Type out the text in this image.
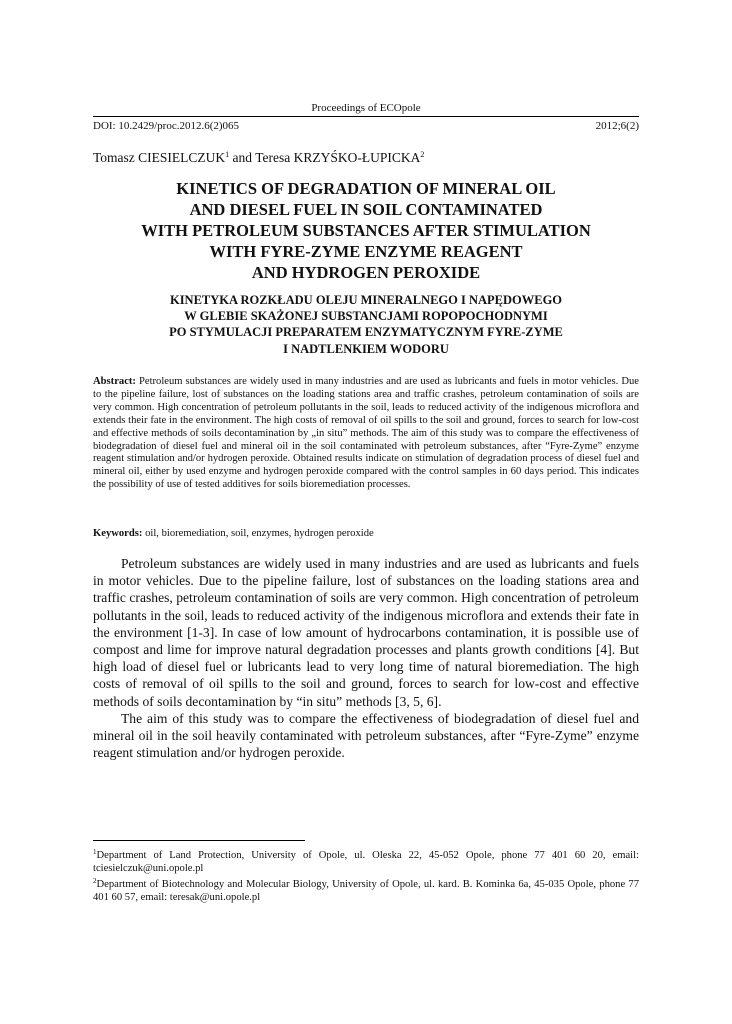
Proceedings of ECOpole
DOI: 10.2429/proc.2012.6(2)065	2012;6(2)
Tomasz CIESIELCZUK$^1$ and Teresa KRZYŚKO-ŁUPICKA$^2$
KINETICS OF DEGRADATION OF MINERAL OIL
AND DIESEL FUEL IN SOIL CONTAMINATED
WITH PETROLEUM SUBSTANCES AFTER STIMULATION
WITH FYRE-ZYME ENZYME REAGENT
AND HYDROGEN PEROXIDE
KINETYKA ROZKŁADU OLEJU MINERALNEGO I NAPĘDOWEGO
W GLEBIE SKAŻONEJ SUBSTANCJAMI ROPOPOCHODNYMI
PO STYMULACJI PREPARATEM ENZYMATYCZNYM FYRE-ZYME
I NADTLENKIEM WODORU
Abstract: Petroleum substances are widely used in many industries and are used as lubricants and fuels in motor vehicles. Due to the pipeline failure, lost of substances on the loading stations area and traffic crashes, petroleum contamination of soils are very common. High concentration of petroleum pollutants in the soil, leads to reduced activity of the indigenous microflora and extends their fate in the environment. The high costs of removal of oil spills to the soil and ground, forces to search for low-cost and effective methods of soils decontamination by „in situ” methods. The aim of this study was to compare the effectiveness of biodegradation of diesel fuel and mineral oil in the soil contaminated with petroleum substances, after “Fyre-Zyme” enzyme reagent stimulation and/or hydrogen peroxide. Obtained results indicate on stimulation of degradation process of diesel fuel and mineral oil, either by used enzyme and hydrogen peroxide compared with the control samples in 60 days period. This indicates the possibility of use of tested additives for soils bioremediation processes.
Keywords: oil, bioremediation, soil, enzymes, hydrogen peroxide

Petroleum substances are widely used in many industries and are used as lubricants and fuels in motor vehicles. Due to the pipeline failure, lost of substances on the loading stations area and traffic crashes, petroleum contamination of soils are very common. High concentration of petroleum pollutants in the soil, leads to reduced activity of the indigenous microflora and extends their fate in the environment [1-3]. In case of low amount of hydrocarbons contamination, it is possible use of compost and lime for improve natural degradation processes and plants growth conditions [4]. But high load of diesel fuel or lubricants lead to very long time of natural bioremediation. The high costs of removal of oil spills to the soil and ground, forces to search for low-cost and effective methods of soils decontamination by “in situ” methods [3, 5, 6].

The aim of this study was to compare the effectiveness of biodegradation of diesel fuel and mineral oil in the soil heavily contaminated with petroleum substances, after “Fyre-Zyme” enzyme reagent stimulation and/or hydrogen peroxide.

$^1$Department of Land Protection, University of Opole, ul. Oleska 22, 45-052 Opole, phone 77 401 60 20, email: tciesielczuk@uni.opole.pl

$^2$Department of Biotechnology and Molecular Biology, University of Opole, ul. kard. B. Kominka 6a, 45-035 Opole, phone 77 401 60 57, email: teresak@uni.opole.pl
